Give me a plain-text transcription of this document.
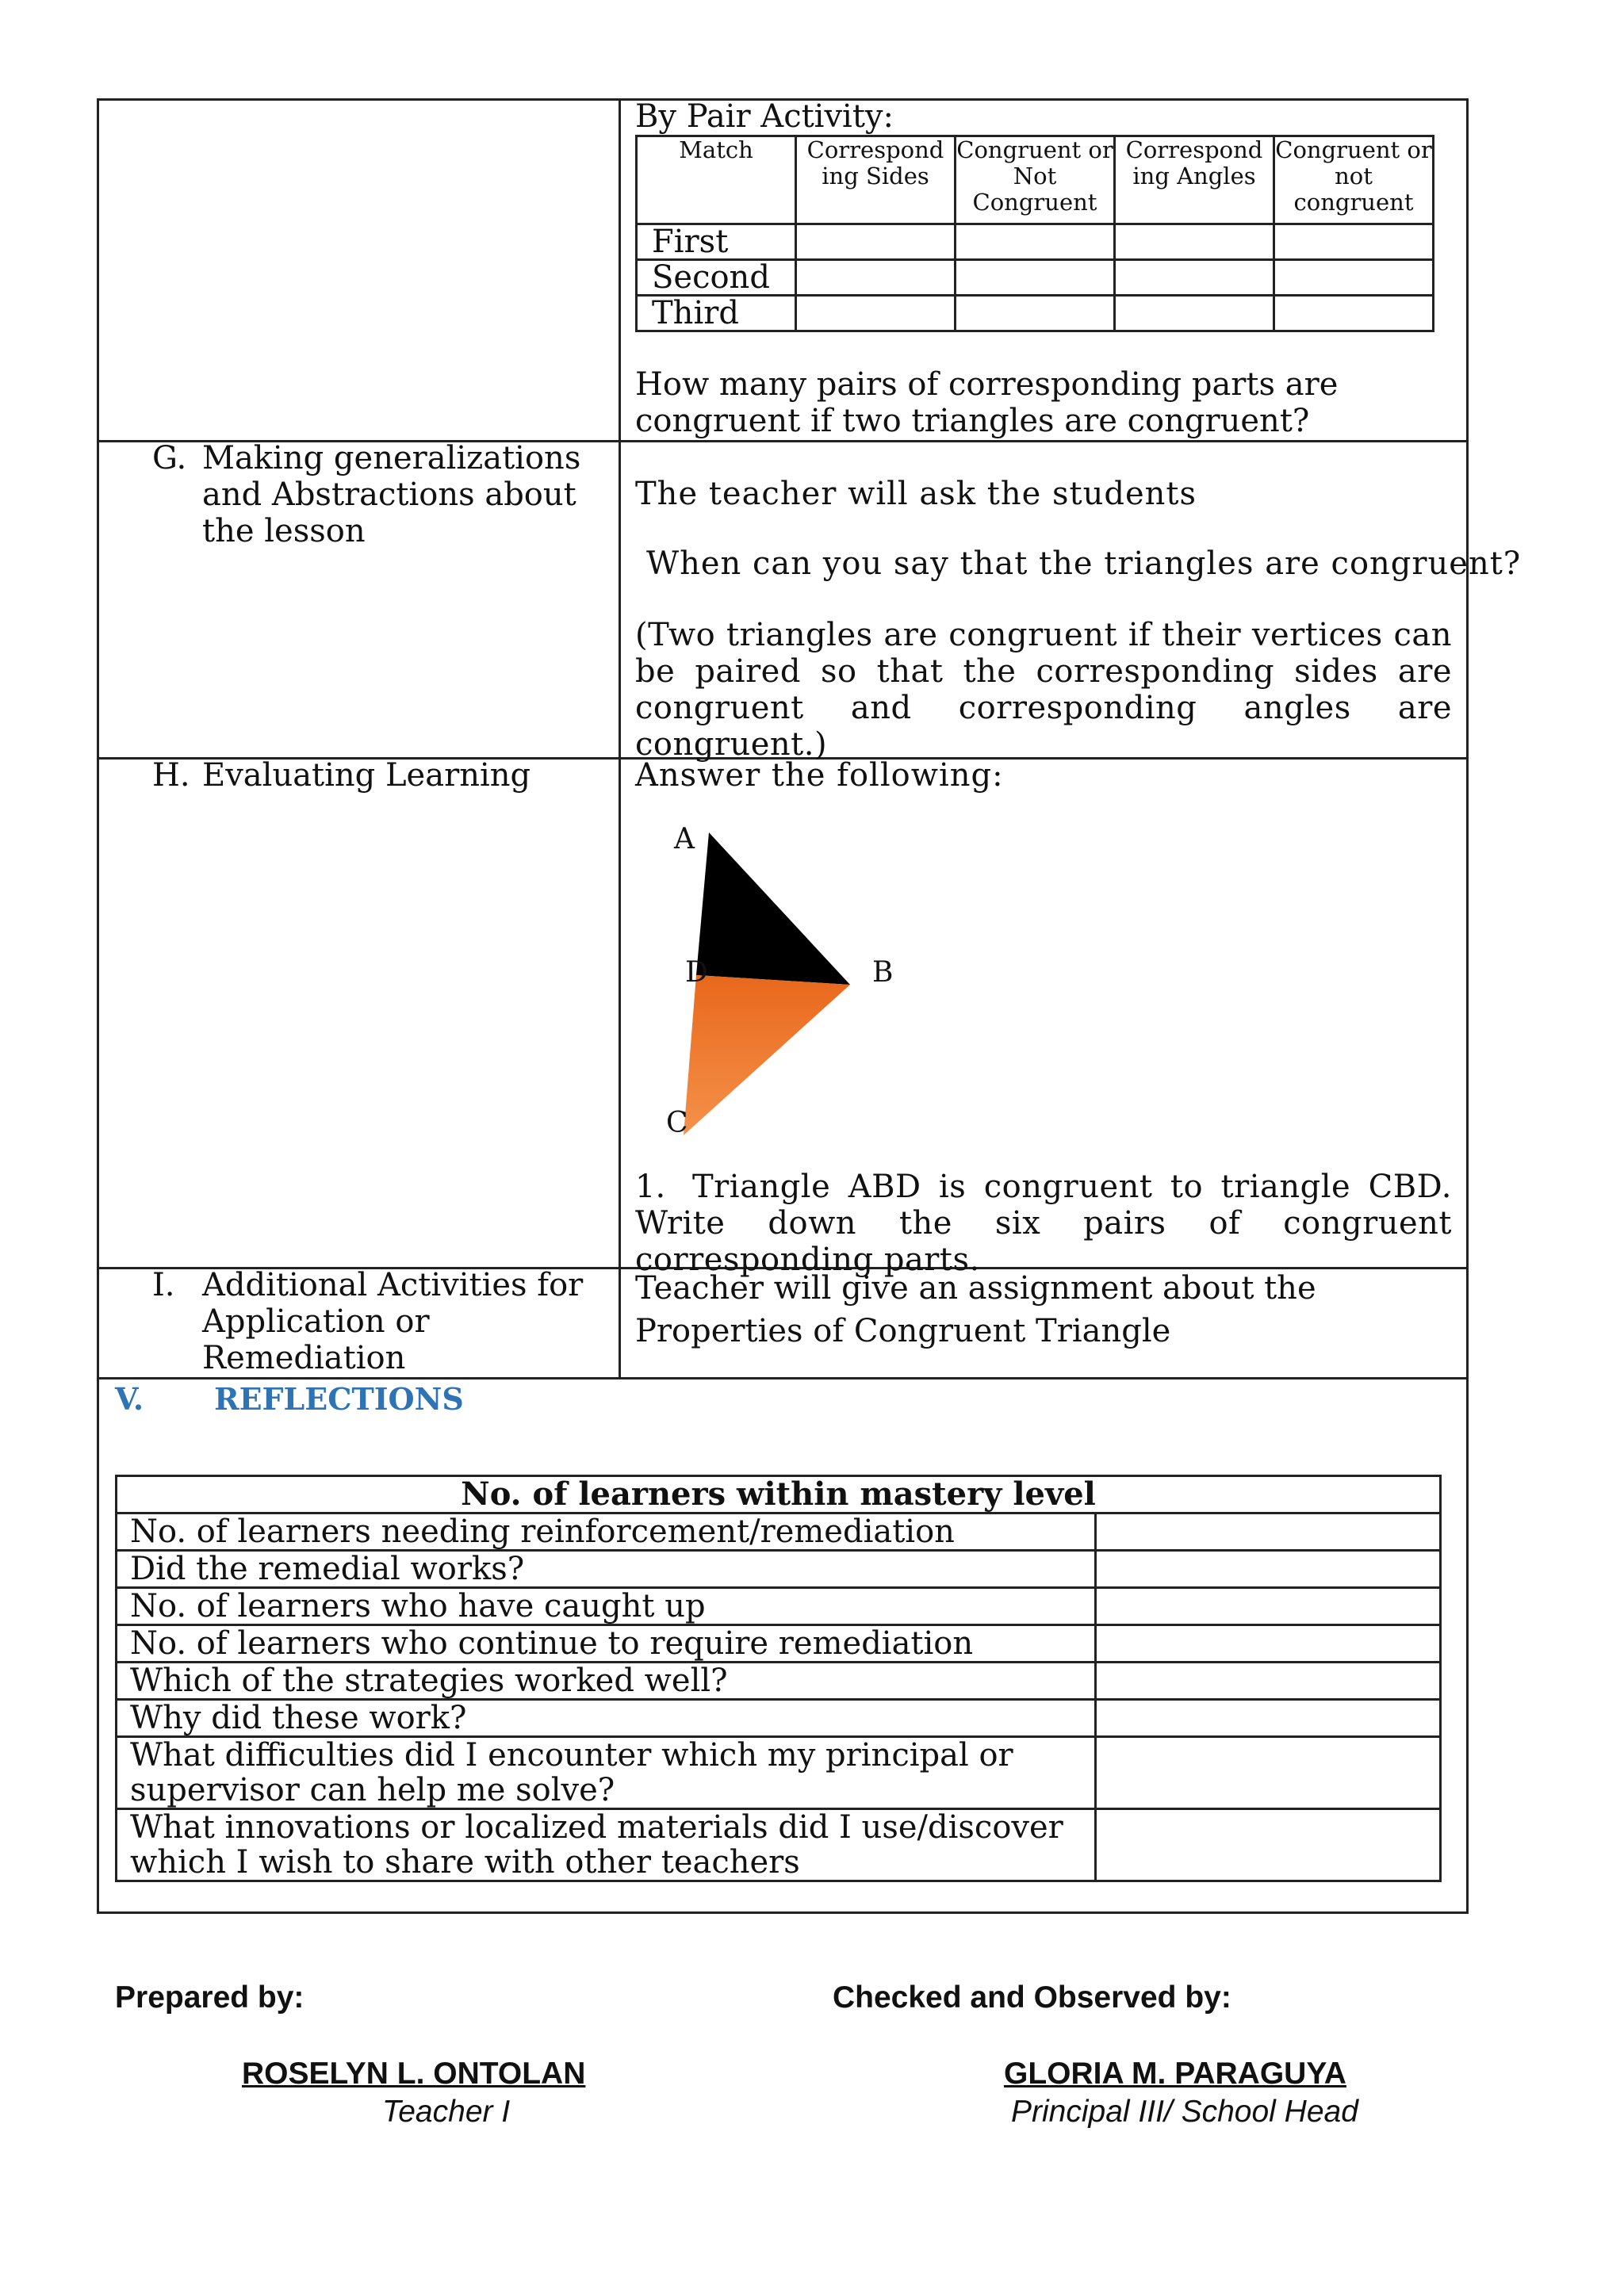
By Pair Activity:
Match	Correspond ing Sides	Congruent or Not Congruent	Correspond ing Angles	Congruent or not congruent
First				
Second				
Third				
How many pairs of corresponding parts are congruent if two triangles are congruent?
G. Making generalizations and Abstractions about the lesson
The teacher will ask the students
When can you say that the triangles are congruent?
(Two triangles are congruent if their vertices can be paired so that the corresponding sides are congruent and corresponding angles are congruent.)
H. Evaluating Learning	Answer the following:
A
B
D
C
1. Triangle ABD is congruent to triangle CBD. Write down the six pairs of congruent corresponding parts.
I. Additional Activities for Application or Remediation
Teacher will give an assignment about the Properties of Congruent Triangle
V. REFLECTIONS
No. of learners within mastery level	
No. of learners needing reinforcement/remediation	
Did the remedial works?	
No. of learners who have caught up	
No. of learners who continue to require remediation	
Which of the strategies worked well?	
Why did these work?	
What difficulties did I encounter which my principal or supervisor can help me solve?	
What innovations or localized materials did I use/discover which I wish to share with other teachers	
Prepared by:	Checked and Observed by:
ROSELYN L. ONTOLAN
Teacher I
GLORIA M. PARAGUYA
Principal III/ School Head
